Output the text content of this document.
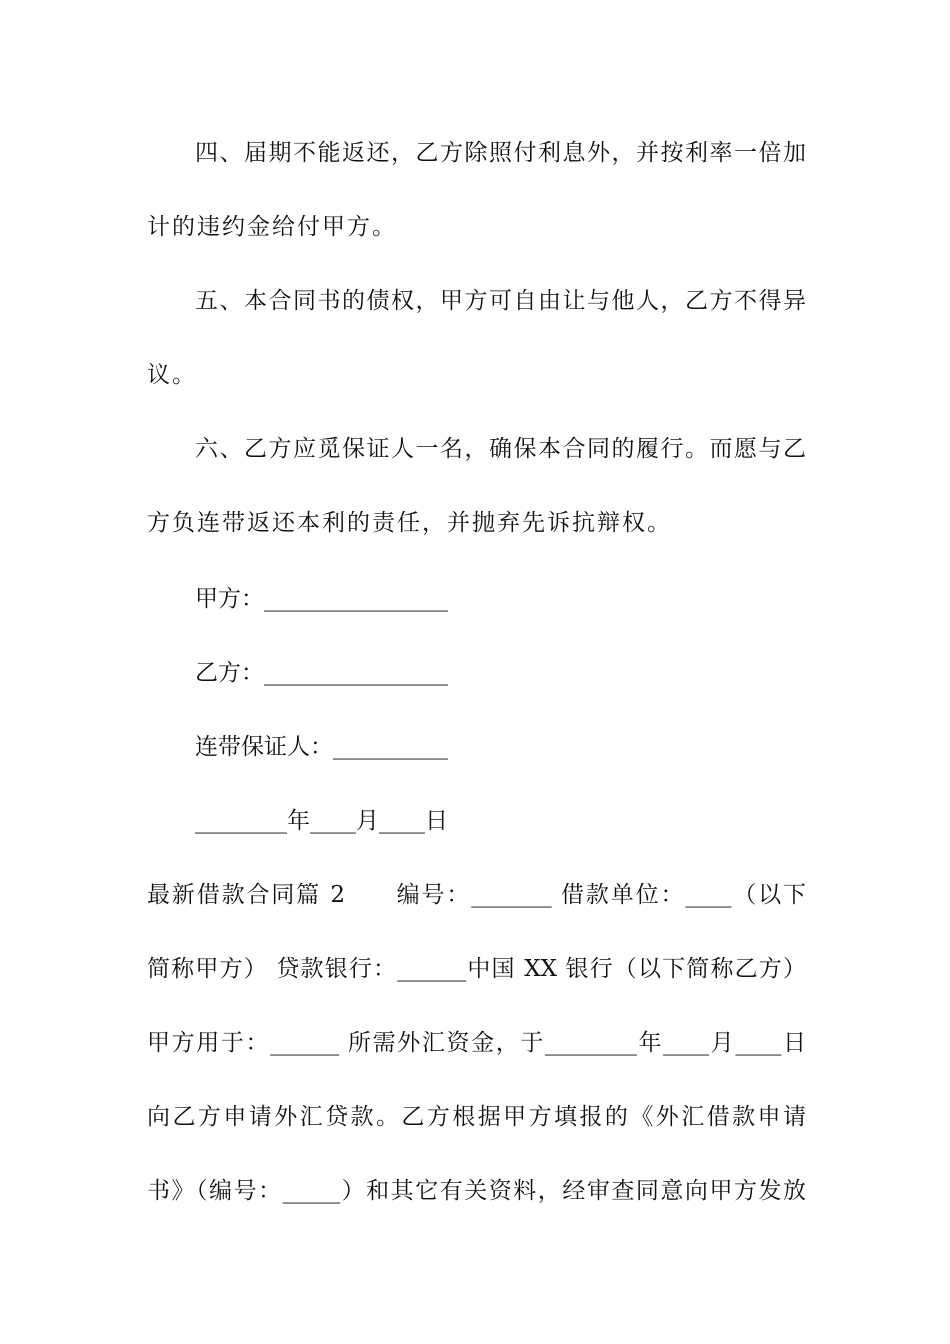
四、届期不能返还，乙方除照付利息外，并按利率一倍加
计的违约金给付甲方。
五、本合同书的债权，甲方可自由让与他人，乙方不得异
议。
六、乙方应觅保证人一名，确保本合同的履行。而愿与乙
方负连带返还本利的责任，并抛弃先诉抗辩权。
甲方：________________
乙方：________________
连带保证人：__________
________年____月____日
最新借款合同篇 2　　编号：_______ 借款单位：____（以下
简称甲方） 贷款银行：______中国 XX 银行（以下简称乙方）
甲方用于：______ 所需外汇资金，于________年____月____日
向乙方申请外汇贷款。乙方根据甲方填报的《外汇借款申请
书》（编号：_____）和其它有关资料，经审查同意向甲方发放
